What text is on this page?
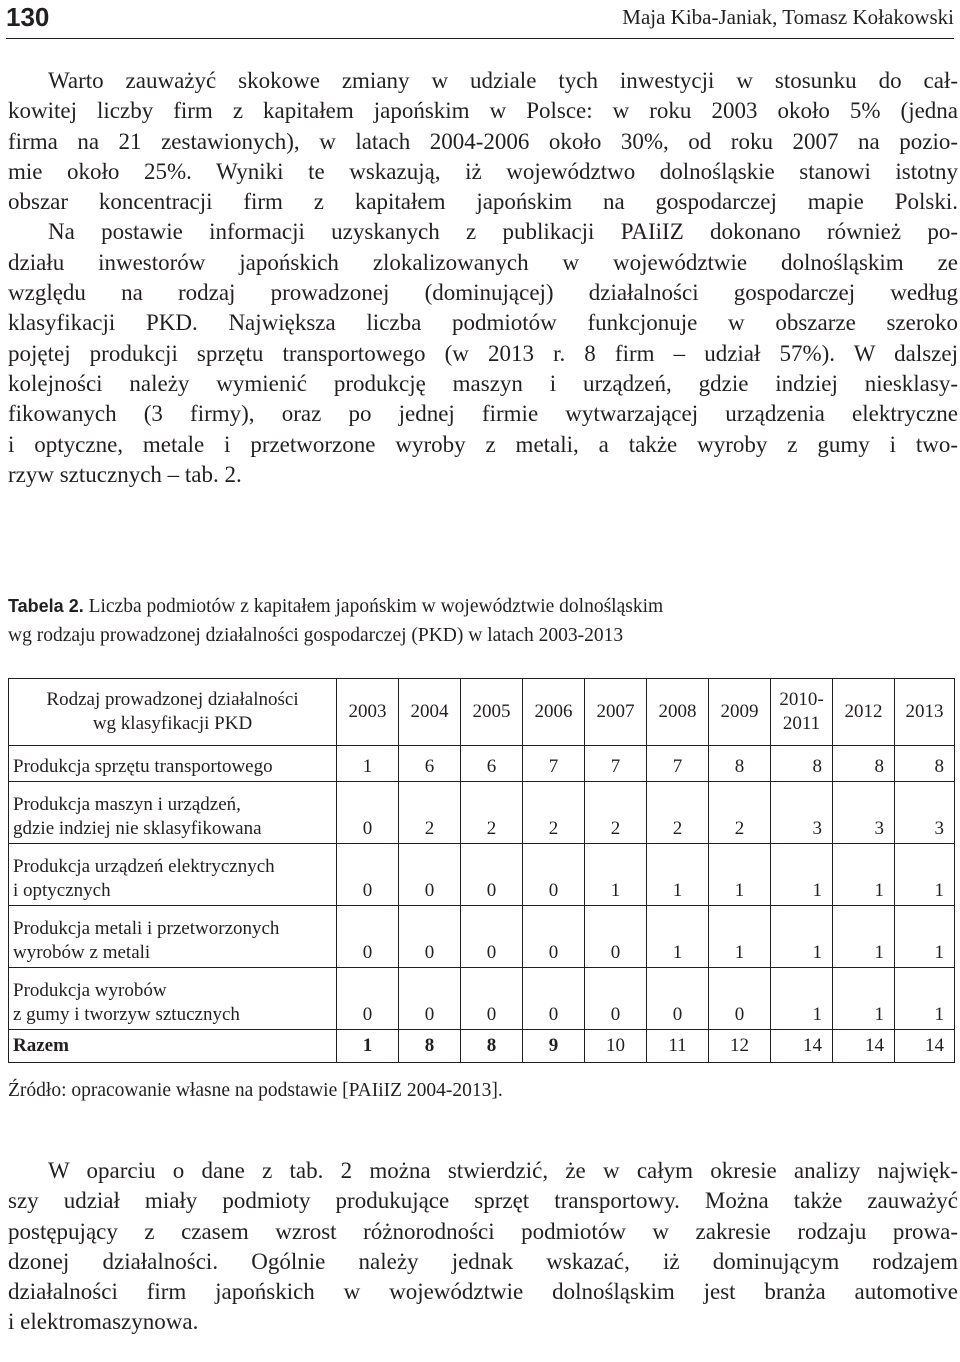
130	Maja Kiba-Janiak, Tomasz Kołakowski
Warto zauważyć skokowe zmiany w udziale tych inwestycji w stosunku do cał-
kowitej liczby firm z kapitałem japońskim w Polsce: w roku 2003 około 5% (jedna
firma na 21 zestawionych), w latach 2004-2006 około 30%, od roku 2007 na pozio-
mie około 25%. Wyniki te wskazują, iż województwo dolnośląskie stanowi istotny
obszar koncentracji firm z kapitałem japońskim na gospodarczej mapie Polski.
Na postawie informacji uzyskanych z publikacji PAIiIZ dokonano również po-
działu inwestorów japońskich zlokalizowanych w województwie dolnośląskim ze
względu na rodzaj prowadzonej (dominującej) działalności gospodarczej według
klasyfikacji PKD. Największa liczba podmiotów funkcjonuje w obszarze szeroko
pojętej produkcji sprzętu transportowego (w 2013 r. 8 firm – udział 57%). W dalszej
kolejności należy wymienić produkcję maszyn i urządzeń, gdzie indziej niesklasy-
fikowanych (3 firmy), oraz po jednej firmie wytwarzającej urządzenia elektryczne
i optyczne, metale i przetworzone wyroby z metali, a także wyroby z gumy i two-
rzyw sztucznych – tab. 2.
Tabela 2. Liczba podmiotów z kapitałem japońskim w województwie dolnośląskim
wg rodzaju prowadzonej działalności gospodarczej (PKD) w latach 2003-2013
Rodzaj prowadzonej działalności
wg klasyfikacji PKD	2003	2004	2005	2006	2007	2008	2009	2010-
2011	2012	2013
Produkcja sprzętu transportowego	1	6	6	7	7	7	8	8	8	8
Produkcja maszyn i urządzeń,
gdzie indziej nie sklasyfikowana	0	2	2	2	2	2	2	3	3	3
Produkcja urządzeń elektrycznych
i optycznych	0	0	0	0	1	1	1	1	1	1
Produkcja metali i przetworzonych
wyrobów z metali	0	0	0	0	0	1	1	1	1	1
Produkcja wyrobów
z gumy i tworzyw sztucznych	0	0	0	0	0	0	0	1	1	1
Razem	1	8	8	9	10	11	12	14	14	14
Źródło: opracowanie własne na podstawie [PAIiIZ 2004-2013].
W oparciu o dane z tab. 2 można stwierdzić, że w całym okresie analizy najwięk-
szy udział miały podmioty produkujące sprzęt transportowy. Można także zauważyć
postępujący z czasem wzrost różnorodności podmiotów w zakresie rodzaju prowa-
dzonej działalności. Ogólnie należy jednak wskazać, iż dominującym rodzajem
działalności firm japońskich w województwie dolnośląskim jest branża automotive
i elektromaszynowa.
